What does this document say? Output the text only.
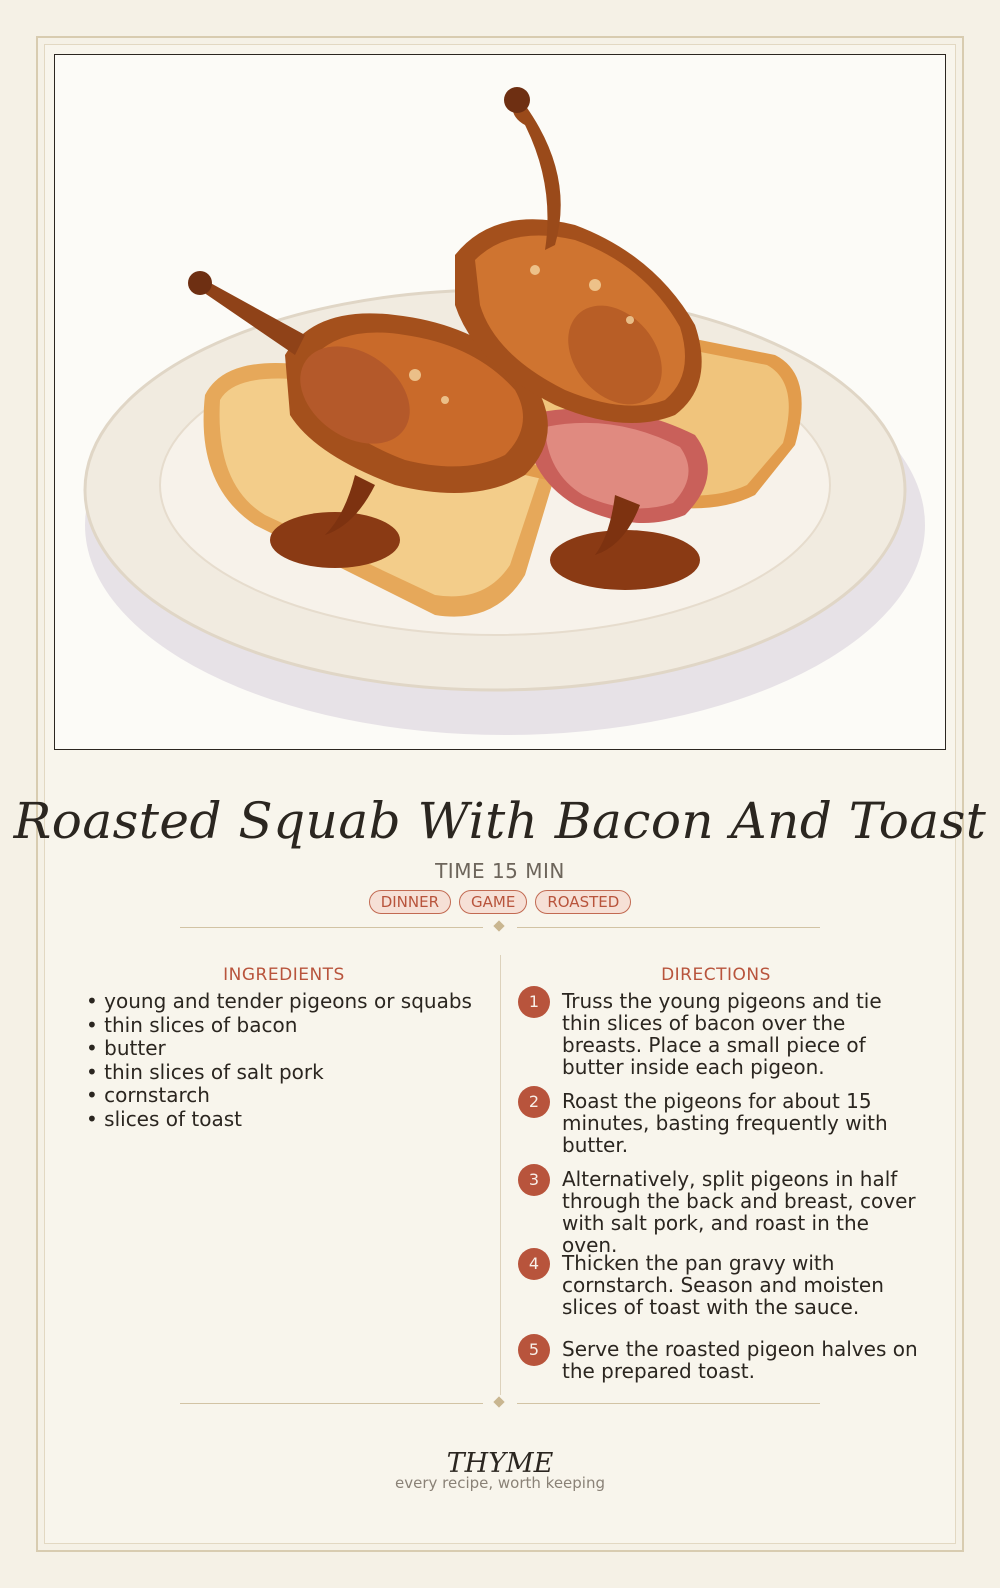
Roasted Squab With Bacon And Toast
TIME 15 MIN
DINNER	GAME	ROASTED
INGREDIENTS	DIRECTIONS
• young and tender pigeons or squabs
• thin slices of bacon
• butter
• thin slices of salt pork
• cornstarch
• slices of toast
1	Truss the young pigeons and tie thin slices of bacon over the breasts. Place a small piece of butter inside each pigeon.
2	Roast the pigeons for about 15 minutes, basting frequently with butter.
3	Alternatively, split pigeons in half through the back and breast, cover with salt pork, and roast in the oven.
4	Thicken the pan gravy with cornstarch. Season and moisten slices of toast with the sauce.
5	Serve the roasted pigeon halves on the prepared toast.
THYME
every recipe, worth keeping
